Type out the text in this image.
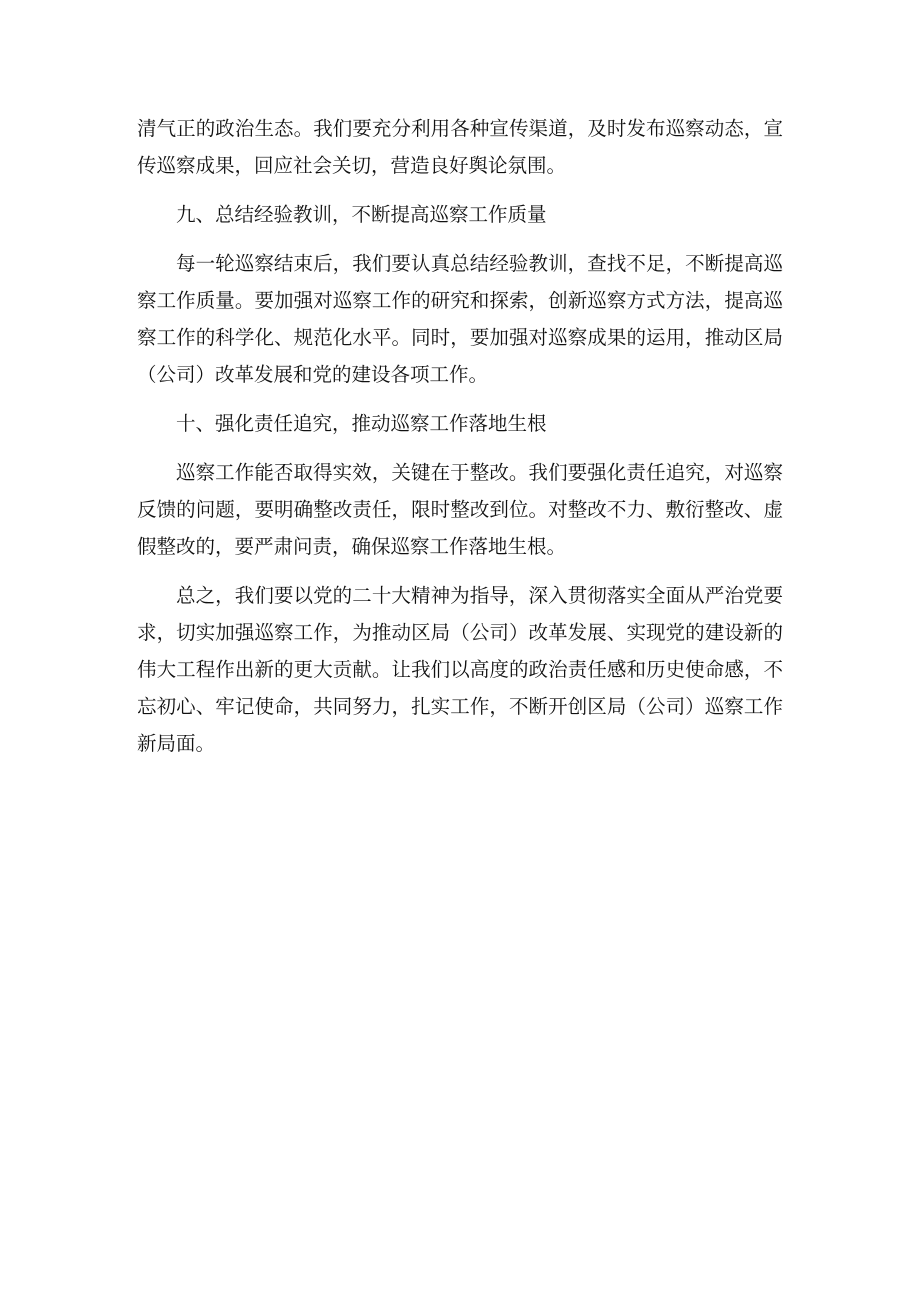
清气正的政治生态。我们要充分利用各种宣传渠道，及时发布巡察动态，宣传巡察成果，回应社会关切，营造良好舆论氛围。

九、总结经验教训，不断提高巡察工作质量

每一轮巡察结束后，我们要认真总结经验教训，查找不足，不断提高巡察工作质量。要加强对巡察工作的研究和探索，创新巡察方式方法，提高巡察工作的科学化、规范化水平。同时，要加强对巡察成果的运用，推动区局（公司）改革发展和党的建设各项工作。

十、强化责任追究，推动巡察工作落地生根

巡察工作能否取得实效，关键在于整改。我们要强化责任追究，对巡察反馈的问题，要明确整改责任，限时整改到位。对整改不力、敷衍整改、虚假整改的，要严肃问责，确保巡察工作落地生根。

总之，我们要以党的二十大精神为指导，深入贯彻落实全面从严治党要求，切实加强巡察工作，为推动区局（公司）改革发展、实现党的建设新的伟大工程作出新的更大贡献。让我们以高度的政治责任感和历史使命感，不忘初心、牢记使命，共同努力，扎实工作，不断开创区局（公司）巡察工作新局面。
